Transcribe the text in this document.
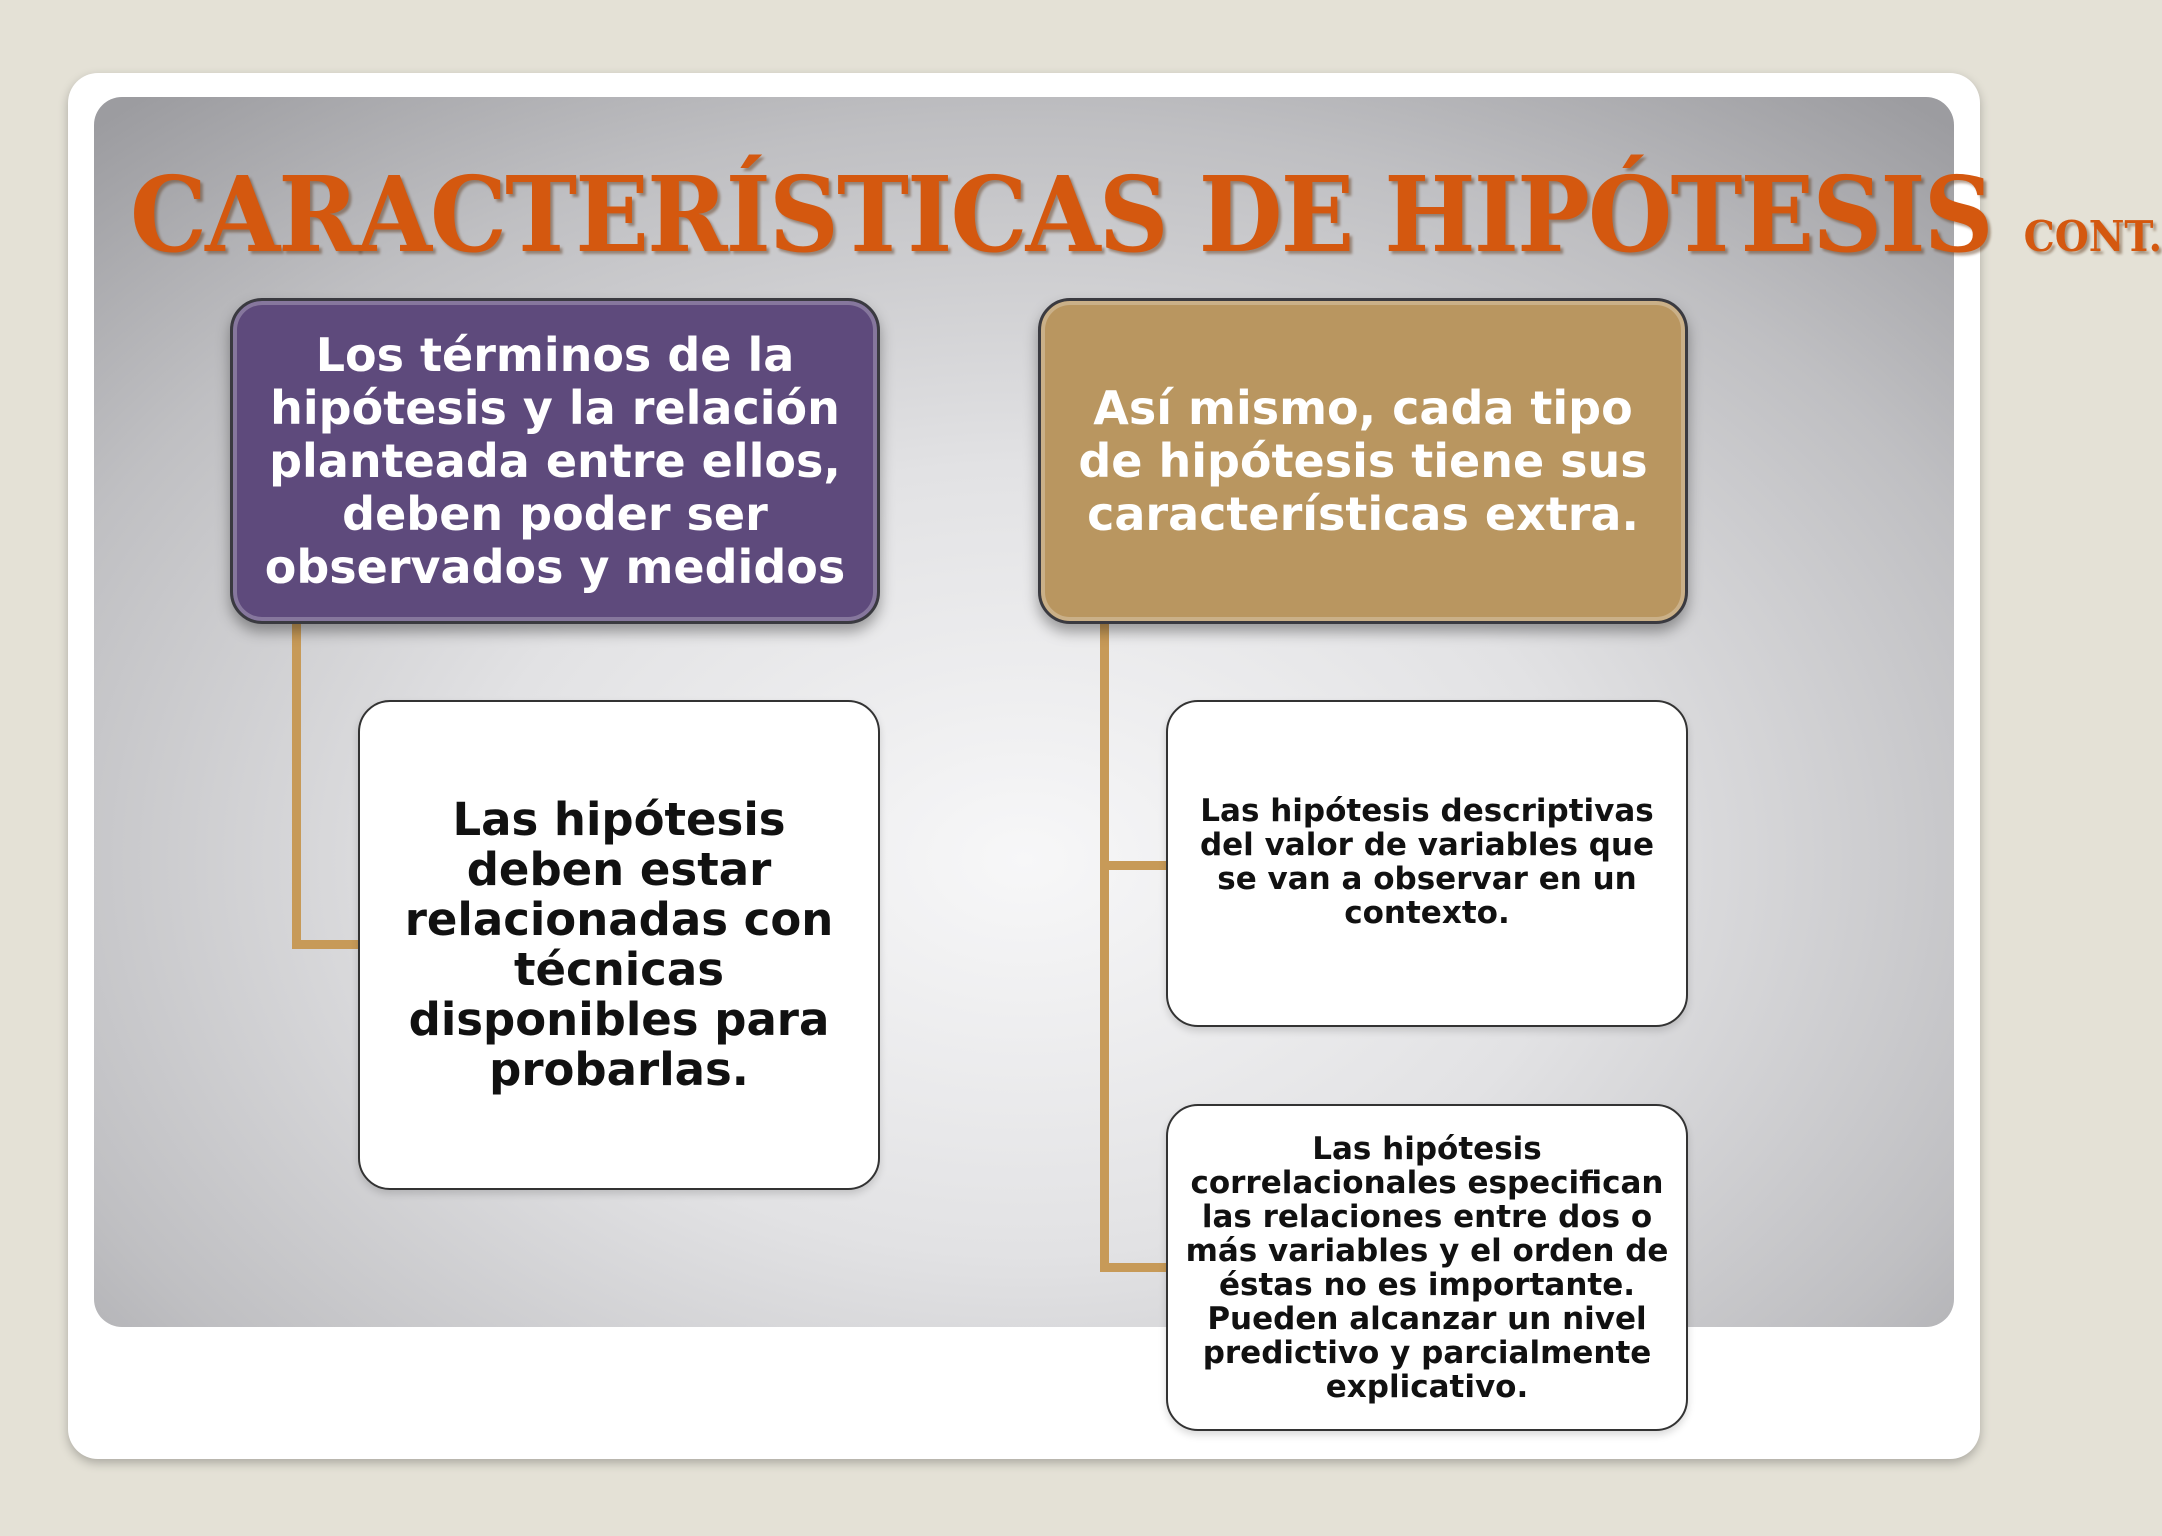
CARACTERÍSTICAS DE HIPÓTESIS CONT.
Los términos de la hipótesis y la relación planteada entre ellos, deben poder ser observados y medidos
Así mismo, cada tipo de hipótesis tiene sus características extra.
Las hipótesis deben estar relacionadas con técnicas disponibles para probarlas.
Las hipótesis descriptivas del valor de variables que se van a observar en un contexto.
Las hipótesis correlacionales especifican las relaciones entre dos o más variables y el orden de éstas no es importante. Pueden alcanzar un nivel predictivo y parcialmente explicativo.
